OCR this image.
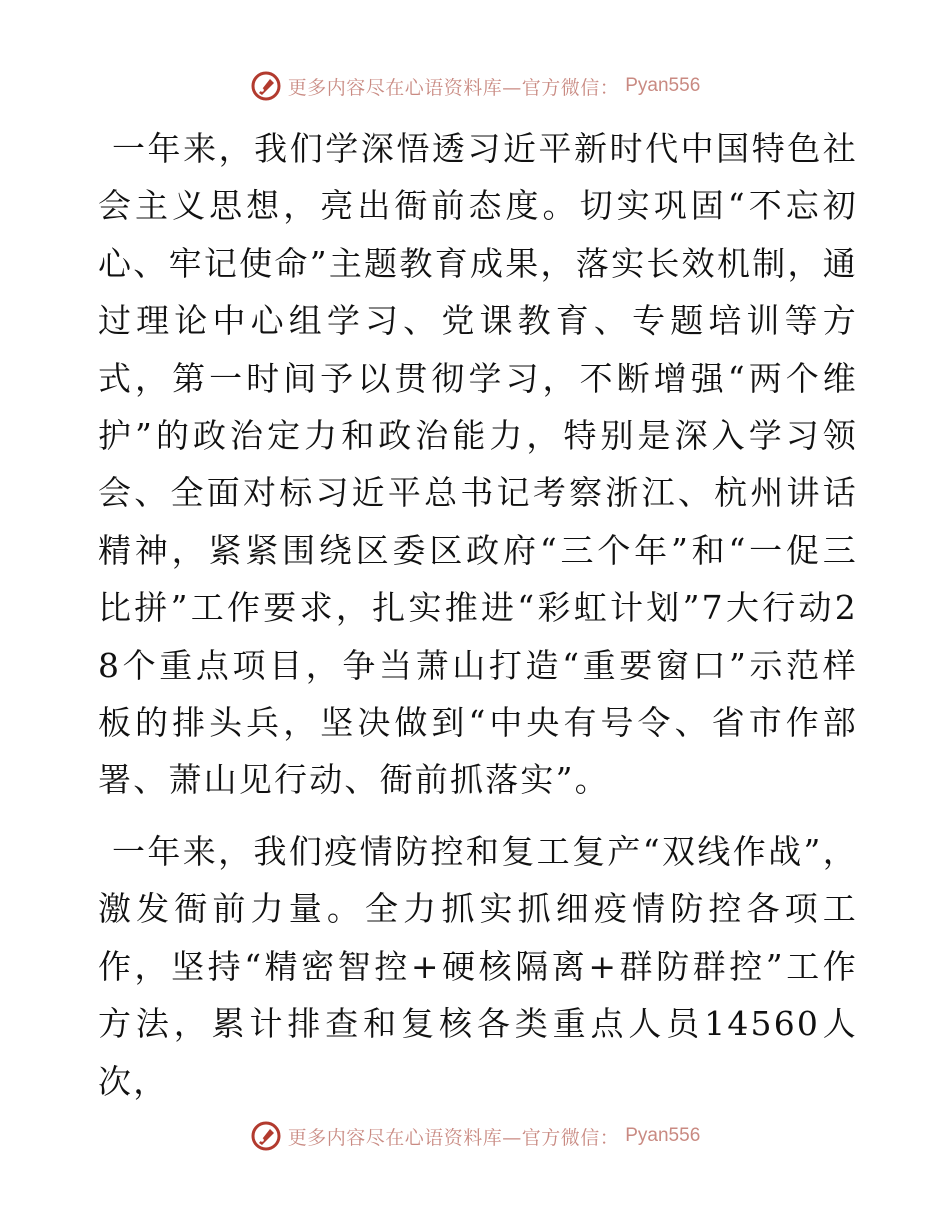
更多内容尽在心语资料库—官方微信： Pyan556

一年来，我们学深悟透习近平新时代中国特色社会主义思想，亮出衙前态度。切实巩固“不忘初心、牢记使命”主题教育成果，落实长效机制，通过理论中心组学习、党课教育、专题培训等方式，第一时间予以贯彻学习，不断增强“两个维护”的政治定力和政治能力，特别是深入学习领会、全面对标习近平总书记考察浙江、杭州讲话精神，紧紧围绕区委区政府“三个年”和“一促三比拼”工作要求，扎实推进“彩虹计划”7大行动28个重点项目，争当萧山打造“重要窗口”示范样板的排头兵，坚决做到“中央有号令、省市作部署、萧山见行动、衙前抓落实”。

一年来，我们疫情防控和复工复产“双线作战”，激发衙前力量。全力抓实抓细疫情防控各项工作，坚持“精密智控+硬核隔离+群防群控”工作方法，累计排查和复核各类重点人员14560人次，

更多内容尽在心语资料库—官方微信： Pyan556
